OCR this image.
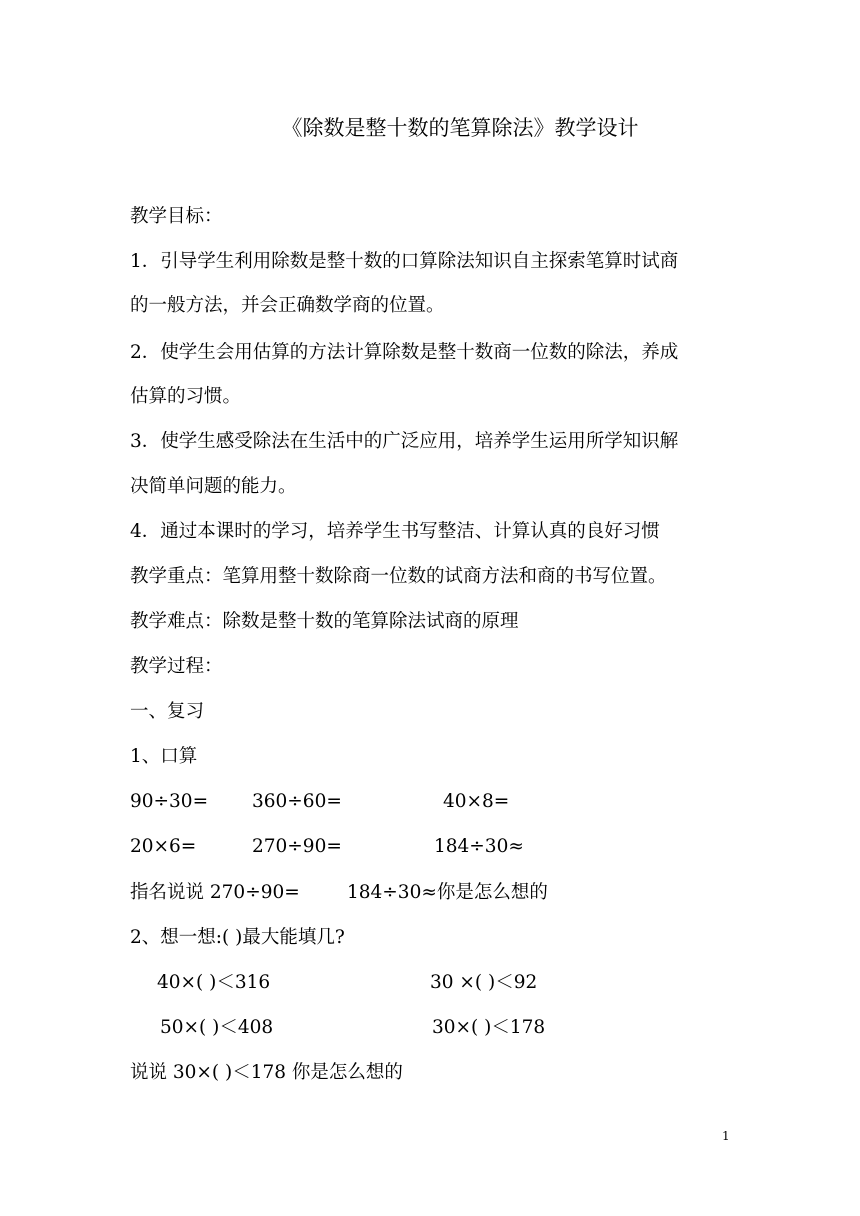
《除数是整十数的笔算除法》教学设计
教学目标：
1．引导学生利用除数是整十数的口算除法知识自主探索笔算时试商
的一般方法，并会正确数学商的位置。
2．使学生会用估算的方法计算除数是整十数商一位数的除法，养成
估算的习惯。
3．使学生感受除法在生活中的广泛应用，培养学生运用所学知识解
决简单问题的能力。
4．通过本课时的学习，培养学生书写整洁、计算认真的良好习惯
教学重点：笔算用整十数除商一位数的试商方法和商的书写位置。
教学难点：除数是整十数的笔算除法试商的原理
教学过程：
一、复习
1、口算
90÷30= 360÷60=	40×8=
20×6=	270÷90=	184÷30≈
指名说说 270÷90=	184÷30≈你是怎么想的
2、想一想:( )最大能填几?
40×( )＜316	30 ×( )＜92
50×( )＜408	30×( )＜178
说说 30×( )＜178 你是怎么想的
1
